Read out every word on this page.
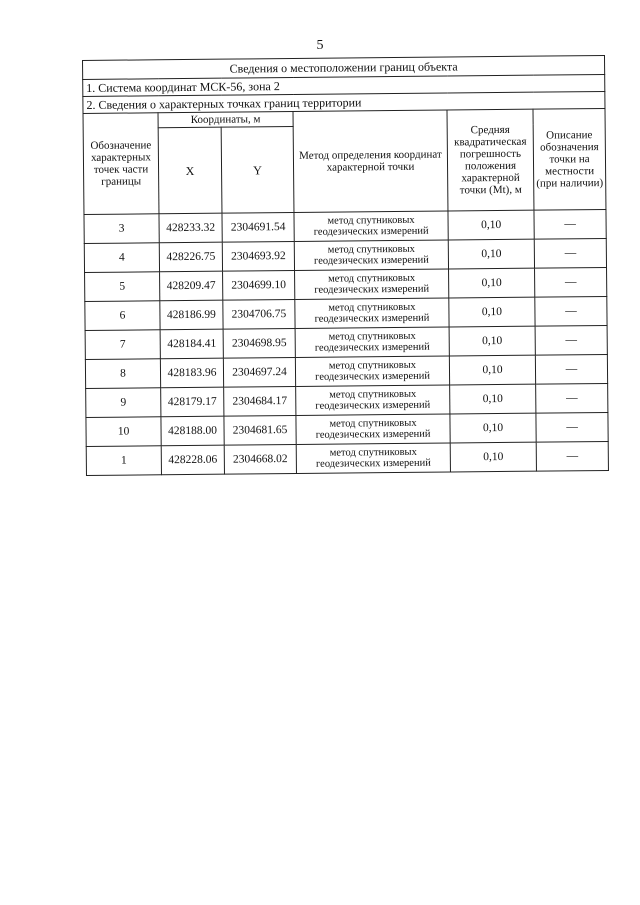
5
Сведения о местоположении границ объекта					
1. Система координат МСК-56, зона 2					
2. Сведения о характерных точках границ территории					
Обозначение характерных точек части границы	Координаты, м		Метод определения координат характерной точки	Средняя квадратическая погрешность положения характерной точки (Mt), м	Описание обозначения точки на местности (при наличии)
	X	Y			
3	428233.32	2304691.54	метод спутниковых геодезических измерений	0,10	—
4	428226.75	2304693.92	метод спутниковых геодезических измерений	0,10	—
5	428209.47	2304699.10	метод спутниковых геодезических измерений	0,10	—
6	428186.99	2304706.75	метод спутниковых геодезических измерений	0,10	—
7	428184.41	2304698.95	метод спутниковых геодезических измерений	0,10	—
8	428183.96	2304697.24	метод спутниковых геодезических измерений	0,10	—
9	428179.17	2304684.17	метод спутниковых геодезических измерений	0,10	—
10	428188.00	2304681.65	метод спутниковых геодезических измерений	0,10	—
1	428228.06	2304668.02	метод спутниковых геодезических измерений	0,10	—
